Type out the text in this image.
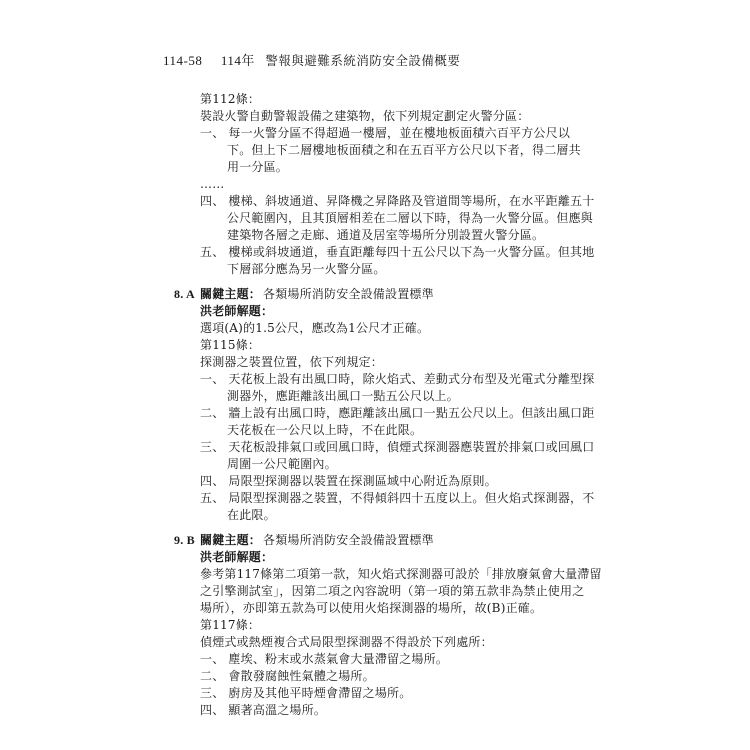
114-58 114年 警報與避難系統消防安全設備概要
第112條：
裝設火警自動警報設備之建築物，依下列規定劃定火警分區：
一、 每一火警分區不得超過一樓層，並在樓地板面積六百平方公尺以
下。但上下二層樓地板面積之和在五百平方公尺以下者，得二層共
用一分區。
……
四、 樓梯、斜坡通道、昇降機之昇降路及管道間等場所，在水平距離五十
公尺範圍內，且其頂層相差在二層以下時，得為一火警分區。但應與
建築物各層之走廊、通道及居室等場所分別設置火警分區。
五、 樓梯或斜坡通道，垂直距離每四十五公尺以下為一火警分區。但其地
下層部分應為另一火警分區。
8. A 關鍵主題： 各類場所消防安全設備設置標準
洪老師解題：
選項(A)的1.5公尺，應改為1公尺才正確。
第115條：
探測器之裝置位置，依下列規定：
一、 天花板上設有出風口時，除火焰式、差動式分布型及光電式分離型探
測器外，應距離該出風口一點五公尺以上。
二、 牆上設有出風口時，應距離該出風口一點五公尺以上。但該出風口距
天花板在一公尺以上時，不在此限。
三、 天花板設排氣口或回風口時，偵煙式探測器應裝置於排氣口或回風口
周圍一公尺範圍內。
四、 局限型探測器以裝置在探測區域中心附近為原則。
五、 局限型探測器之裝置，不得傾斜四十五度以上。但火焰式探測器，不
在此限。
9. B 關鍵主題： 各類場所消防安全設備設置標準
洪老師解題：
參考第117條第二項第一款，知火焰式探測器可設於「排放廢氣會大量滯留
之引擎測試室」，因第二項之內容說明（第一項的第五款非為禁止使用之
場所），亦即第五款為可以使用火焰探測器的場所，故(B)正確。
第117條：
偵煙式或熱煙複合式局限型探測器不得設於下列處所：
一、 塵埃、粉末或水蒸氣會大量滯留之場所。
二、 會散發腐蝕性氣體之場所。
三、 廚房及其他平時煙會滯留之場所。
四、 顯著高溫之場所。
